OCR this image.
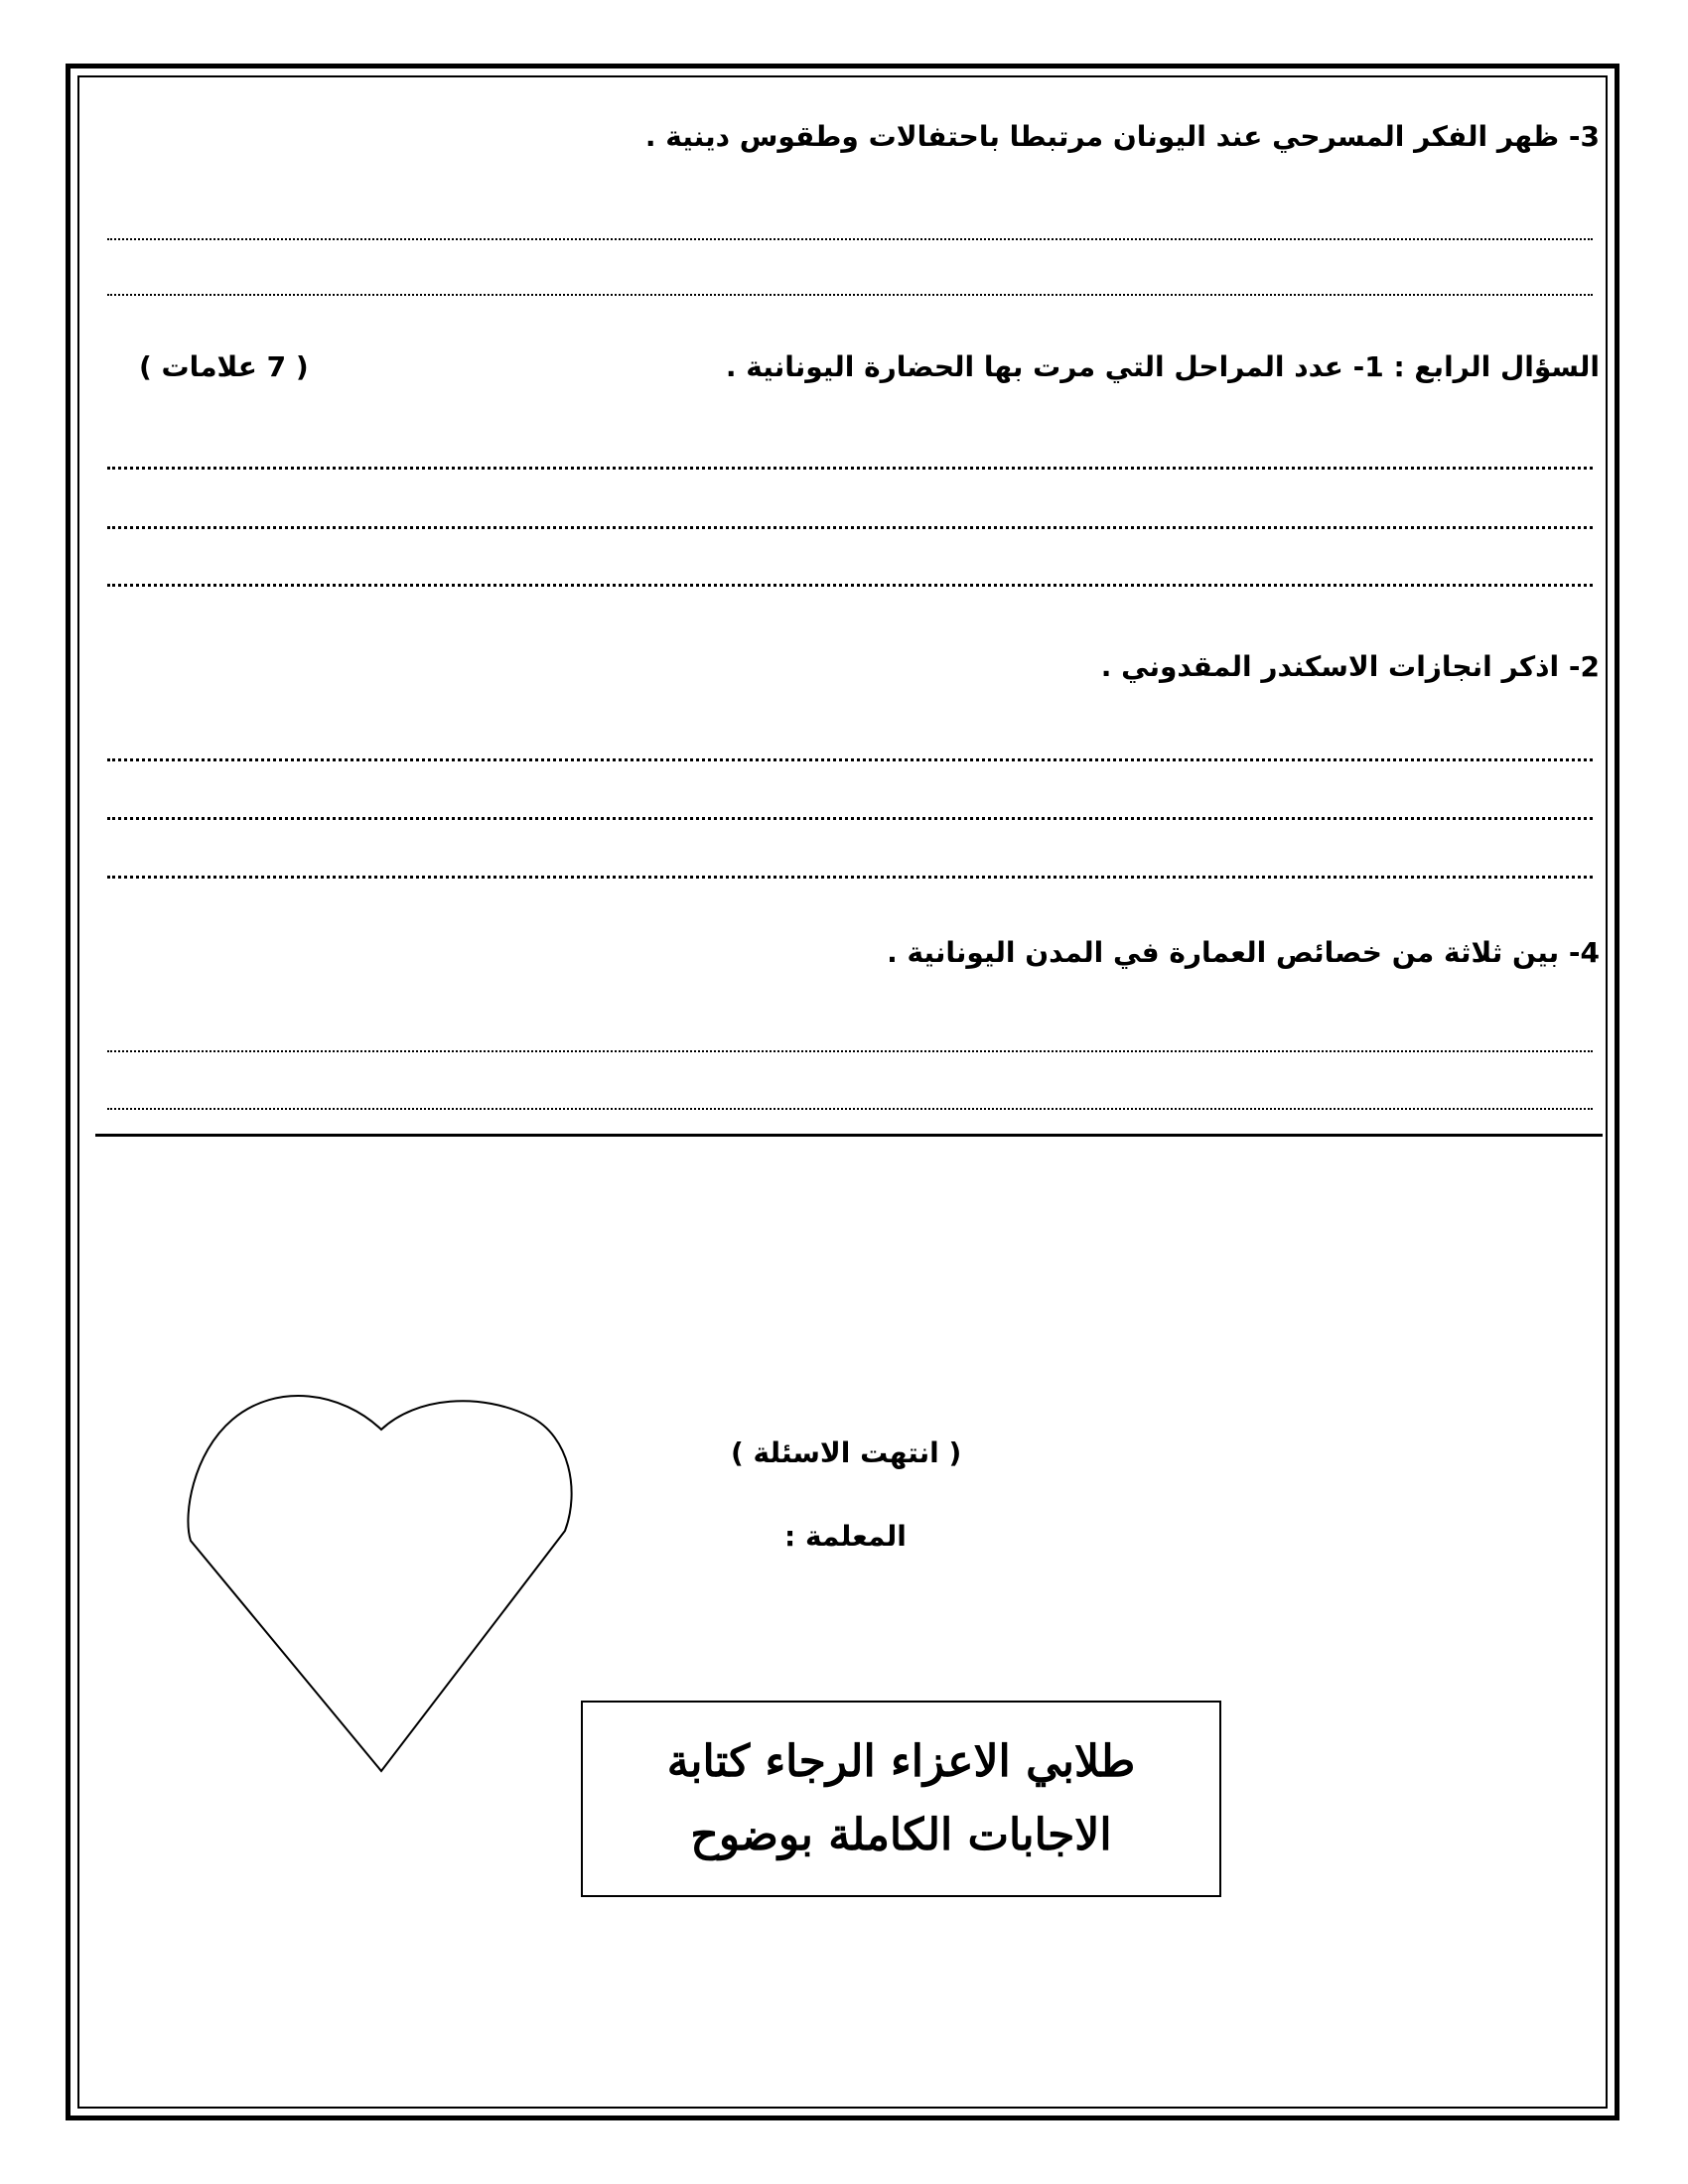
3- ظهر الفكر المسرحي عند اليونان مرتبطا باحتفالات وطقوس دينية .
السؤال الرابع : 1- عدد المراحل التي مرت بها الحضارة اليونانية .
( 7 علامات )
2- اذكر انجازات الاسكندر المقدوني .
4- بين ثلاثة من خصائص العمارة في المدن اليونانية .
( انتهت الاسئلة )
المعلمة :
طلابي الاعزاء الرجاء كتابة
الاجابات الكاملة بوضوح
